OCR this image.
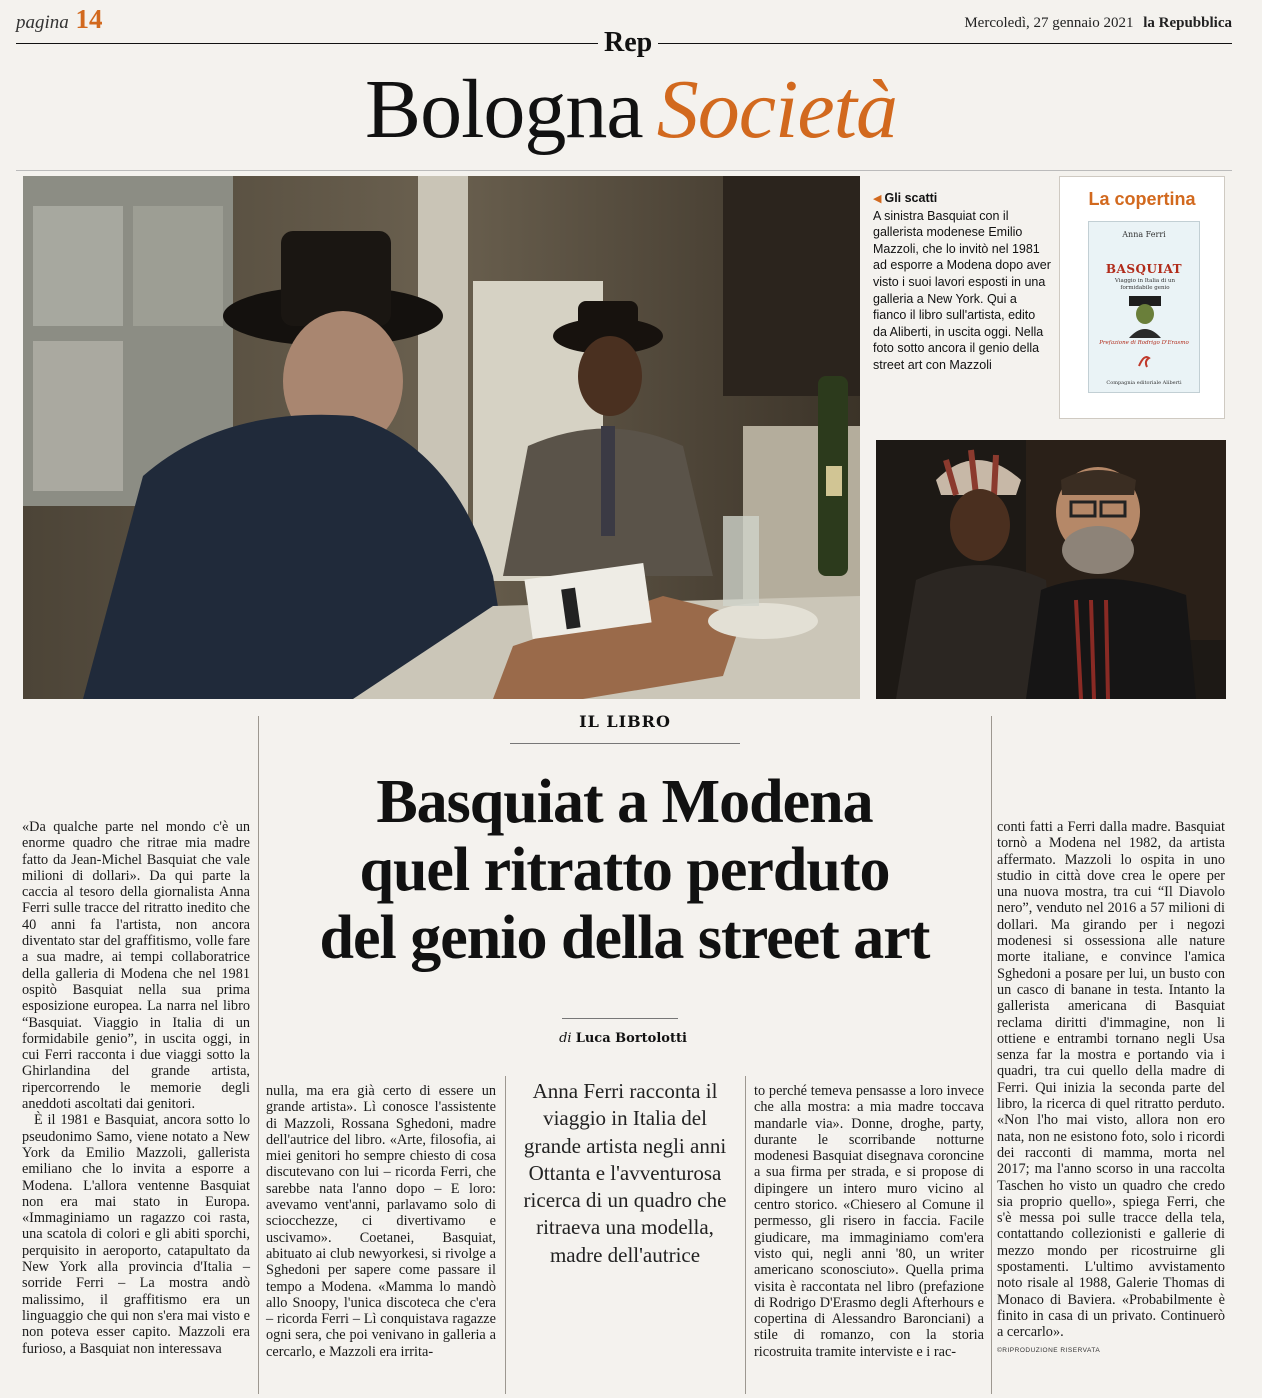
pagina 14	Mercoledì, 27 gennaio 2021 la Repubblica
Rep
Bologna Società
◀ Gli scatti
A sinistra Basquiat con il gallerista modenese Emilio Mazzoli, che lo invitò nel 1981 ad esporre a Modena dopo aver visto i suoi lavori esposti in una galleria a New York. Qui a fianco il libro sull'artista, edito da Aliberti, in uscita oggi. Nella foto sotto ancora il genio della street art con Mazzoli
La copertina
Anna Ferri
BASQUIAT
Viaggio in Italia di un formidabile genio
Prefazione di Rodrigo D'Erasmo
Compagnia editoriale Aliberti
IL LIBRO
Basquiat a Modena
quel ritratto perduto
del genio della street art
di Luca Bortolotti

«Da qualche parte nel mondo c'è un enorme quadro che ritrae mia madre fatto da Jean-Michel Basquiat che vale milioni di dollari». Da qui parte la caccia al tesoro della giornalista Anna Ferri sulle tracce del ritratto inedito che 40 anni fa l'artista, non ancora diventato star del graffitismo, volle fare a sua madre, ai tempi collaboratrice della galleria di Modena che nel 1981 ospitò Basquiat nella sua prima esposizione europea. La narra nel libro “Basquiat. Viaggio in Italia di un formidabile genio”, in uscita oggi, in cui Ferri racconta i due viaggi sotto la Ghirlandina del grande artista, ripercorrendo le memorie degli aneddoti ascoltati dai genitori.

È il 1981 e Basquiat, ancora sotto lo pseudonimo Samo, viene notato a New York da Emilio Mazzoli, gallerista emiliano che lo invita a esporre a Modena. L'allora ventenne Basquiat non era mai stato in Europa. «Immaginiamo un ragazzo coi rasta, una scatola di colori e gli abiti sporchi, perquisito in aeroporto, catapultato da New York alla provincia d'Italia – sorride Ferri – La mostra andò malissimo, il graffitismo era un linguaggio che qui non s'era mai visto e non poteva esser capito. Mazzoli era furioso, a Basquiat non interessava

nulla, ma era già certo di essere un grande artista». Lì conosce l'assistente di Mazzoli, Rossana Sghedoni, madre dell'autrice del libro. «Arte, filosofia, ai miei genitori ho sempre chiesto di cosa discutevano con lui – ricorda Ferri, che sarebbe nata l'anno dopo – E loro: avevamo vent'anni, parlavamo solo di sciocchezze, ci divertivamo e uscivamo». Coetanei, Basquiat, abituato ai club newyorkesi, si rivolge a Sghedoni per sapere come passare il tempo a Modena. «Mamma lo mandò allo Snoopy, l'unica discoteca che c'era – ricorda Ferri – Lì conquistava ragazze ogni sera, che poi venivano in galleria a cercarlo, e Mazzoli era irrita-

Anna Ferri racconta il viaggio in Italia del grande artista negli anni Ottanta e l'avventurosa ricerca di un quadro che ritraeva una modella, madre dell'autrice

to perché temeva pensasse a loro invece che alla mostra: a mia madre toccava mandarle via». Donne, droghe, party, durante le scorribande notturne modenesi Basquiat disegnava coroncine a sua firma per strada, e si propose di dipingere un intero muro vicino al centro storico. «Chiesero al Comune il permesso, gli risero in faccia. Facile giudicare, ma immaginiamo com'era visto qui, negli anni '80, un writer americano sconosciuto». Quella prima visita è raccontata nel libro (prefazione di Rodrigo D'Erasmo degli Afterhours e copertina di Alessandro Baronciani) a stile di romanzo, con la storia ricostruita tramite interviste e i rac-

conti fatti a Ferri dalla madre. Basquiat tornò a Modena nel 1982, da artista affermato. Mazzoli lo ospita in uno studio in città dove crea le opere per una nuova mostra, tra cui “Il Diavolo nero”, venduto nel 2016 a 57 milioni di dollari. Ma girando per i negozi modenesi si ossessiona alle nature morte italiane, e convince l'amica Sghedoni a posare per lui, un busto con un casco di banane in testa. Intanto la gallerista americana di Basquiat reclama diritti d'immagine, non li ottiene e entrambi tornano negli Usa senza far la mostra e portando via i quadri, tra cui quello della madre di Ferri. Qui inizia la seconda parte del libro, la ricerca di quel ritratto perduto. «Non l'ho mai visto, allora non ero nata, non ne esistono foto, solo i ricordi dei racconti di mamma, morta nel 2017; ma l'anno scorso in una raccolta Taschen ho visto un quadro che credo sia proprio quello», spiega Ferri, che s'è messa poi sulle tracce della tela, contattando collezionisti e gallerie di mezzo mondo per ricostruirne gli spostamenti. L'ultimo avvistamento noto risale al 1988, Galerie Thomas di Monaco di Baviera. «Probabilmente è finito in casa di un privato. Continuerò a cercarlo».

©RIPRODUZIONE RISERVATA
